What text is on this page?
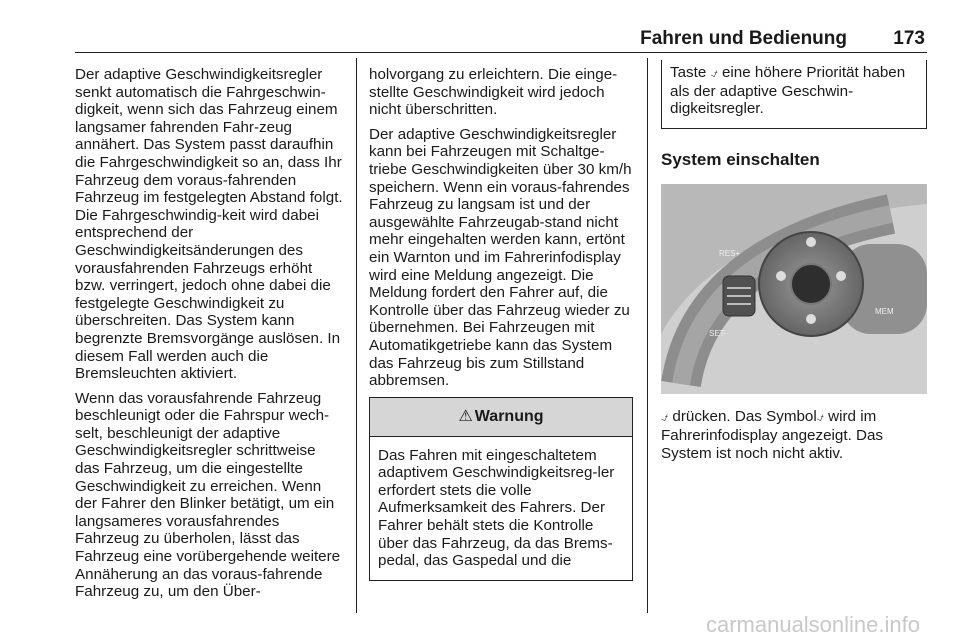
Fahren und Bedienung 173

Der adaptive Geschwindigkeitsregler senkt automatisch die Fahrgeschwin-digkeit, wenn sich das Fahrzeug einem langsamer fahrenden Fahr-zeug annähert. Das System passt daraufhin die Fahrgeschwindigkeit so an, dass Ihr Fahrzeug dem voraus-fahrenden Fahrzeug im festgelegten Abstand folgt. Die Fahrgeschwindig-keit wird dabei entsprechend der Geschwindigkeitsänderungen des vorausfahrenden Fahrzeugs erhöht bzw. verringert, jedoch ohne dabei die festgelegte Geschwindigkeit zu überschreiten. Das System kann begrenzte Bremsvorgänge auslösen. In diesem Fall werden auch die Bremsleuchten aktiviert.

Wenn das vorausfahrende Fahrzeug beschleunigt oder die Fahrspur wech-selt, beschleunigt der adaptive Geschwindigkeitsregler schrittweise das Fahrzeug, um die eingestellte Geschwindigkeit zu erreichen. Wenn der Fahrer den Blinker betätigt, um ein langsameres vorausfahrendes Fahrzeug zu überholen, lässt das Fahrzeug eine vorübergehende weitere Annäherung an das voraus-fahrende Fahrzeug zu, um den Über-

holvorgang zu erleichtern. Die einge-stellte Geschwindigkeit wird jedoch nicht überschritten.

Der adaptive Geschwindigkeitsregler kann bei Fahrzeugen mit Schaltge-triebe Geschwindigkeiten über 30 km/h speichern. Wenn ein voraus-fahrendes Fahrzeug zu langsam ist und der ausgewählte Fahrzeugab-stand nicht mehr eingehalten werden kann, ertönt ein Warnton und im Fahrerinfodisplay wird eine Meldung angezeigt. Die Meldung fordert den Fahrer auf, die Kontrolle über das Fahrzeug wieder zu übernehmen. Bei Fahrzeugen mit Automatikgetriebe kann das System das Fahrzeug bis zum Stillstand abbremsen.

⚠ Warnung
Das Fahren mit eingeschaltetem adaptivem Geschwindigkeitsreg-ler erfordert stets die volle Aufmerksamkeit des Fahrers. Der Fahrer behält stets die Kontrolle über das Fahrzeug, da das Brems-pedal, das Gaspedal und die
Taste ⍻ eine höhere Priorität haben als der adaptive Geschwin-digkeitsregler.
System einschalten
RES+
SET-
MEM

⍻ drücken. Das Symbol⍻ wird im Fahrerinfodisplay angezeigt. Das System ist noch nicht aktiv.

carmanualsonline.info
